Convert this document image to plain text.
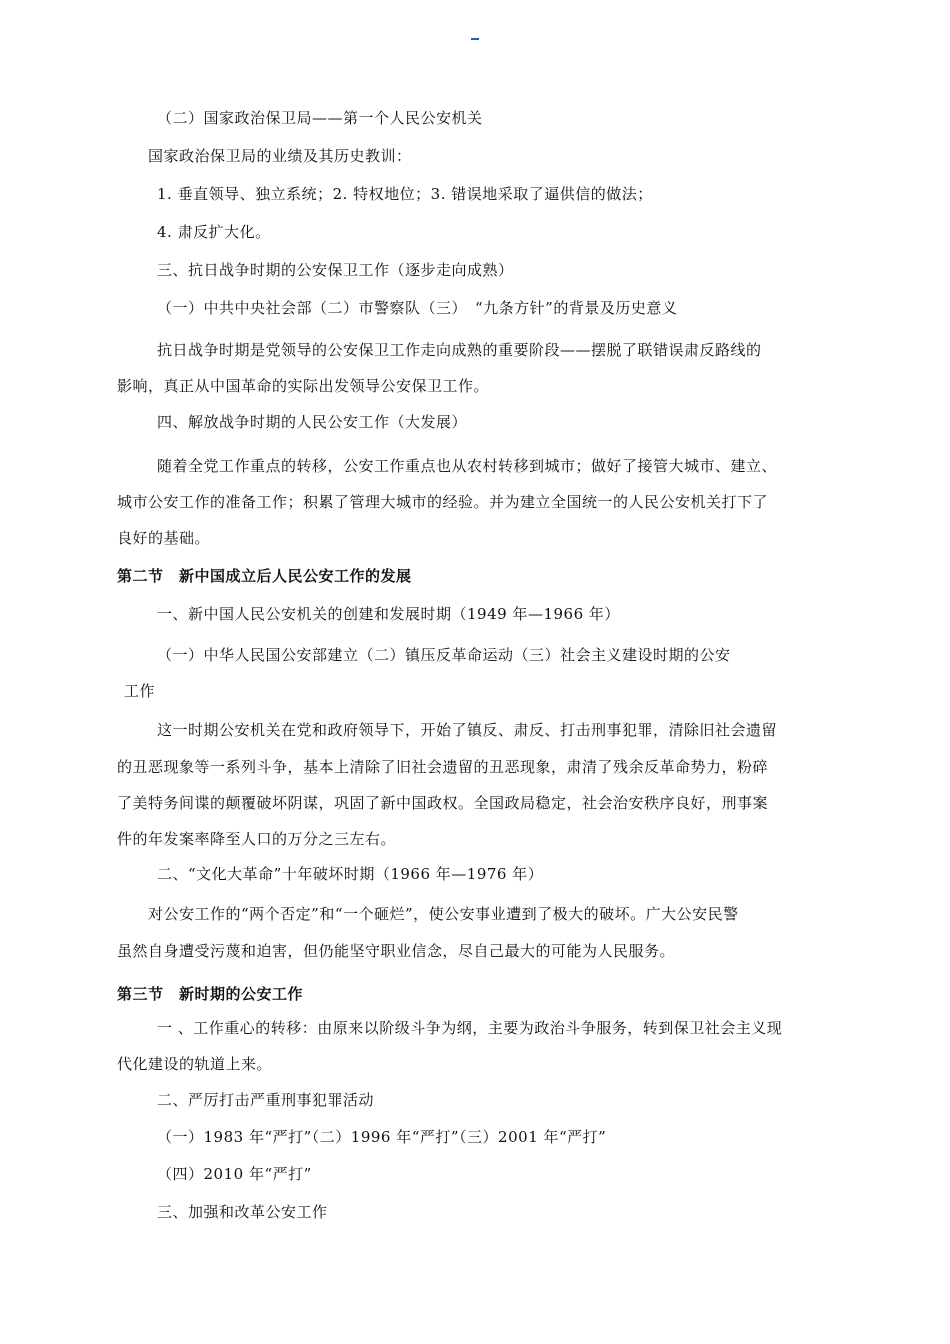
（二）国家政治保卫局——第一个人民公安机关
国家政治保卫局的业绩及其历史教训：
1. 垂直领导、独立系统；2. 特权地位；3. 错误地采取了逼供信的做法；
4. 肃反扩大化。
三、抗日战争时期的公安保卫工作（逐步走向成熟）
（一）中共中央社会部（二）市警察队（三）　“九条方针”的背景及历史意义
抗日战争时期是党领导的公安保卫工作走向成熟的重要阶段——摆脱了联错误肃反路线的
影响，真正从中国革命的实际出发领导公安保卫工作。
四、解放战争时期的人民公安工作（大发展）
随着全党工作重点的转移，公安工作重点也从农村转移到城市；做好了接管大城市、建立、
城市公安工作的准备工作；积累了管理大城市的经验。并为建立全国统一的人民公安机关打下了
良好的基础。
第二节　新中国成立后人民公安工作的发展
一、新中国人民公安机关的创建和发展时期（1949 年—1966 年）
（一）中华人民国公安部建立（二）镇压反革命运动（三）社会主义建设时期的公安
工作
这一时期公安机关在党和政府领导下，开始了镇反、肃反、打击刑事犯罪，清除旧社会遗留
的丑恶现象等一系列斗争，基本上清除了旧社会遗留的丑恶现象，肃清了残余反革命势力，粉碎
了美特务间谍的颠覆破坏阴谋，巩固了新中国政权。全国政局稳定，社会治安秩序良好，刑事案
件的年发案率降至人口的万分之三左右。
二、“文化大革命”十年破坏时期（1966 年—1976 年）
对公安工作的“两个否定”和“一个砸烂”，使公安事业遭到了极大的破坏。广大公安民警
虽然自身遭受污蔑和迫害，但仍能坚守职业信念，尽自己最大的可能为人民服务。
第三节　新时期的公安工作
一 、工作重心的转移：由原来以阶级斗争为纲，主要为政治斗争服务，转到保卫社会主义现
代化建设的轨道上来。
二、严厉打击严重刑事犯罪活动
（一）1983 年“严打”（二）1996 年“严打”（三）2001 年“严打”
（四）2010 年“严打”
三、加强和改革公安工作
